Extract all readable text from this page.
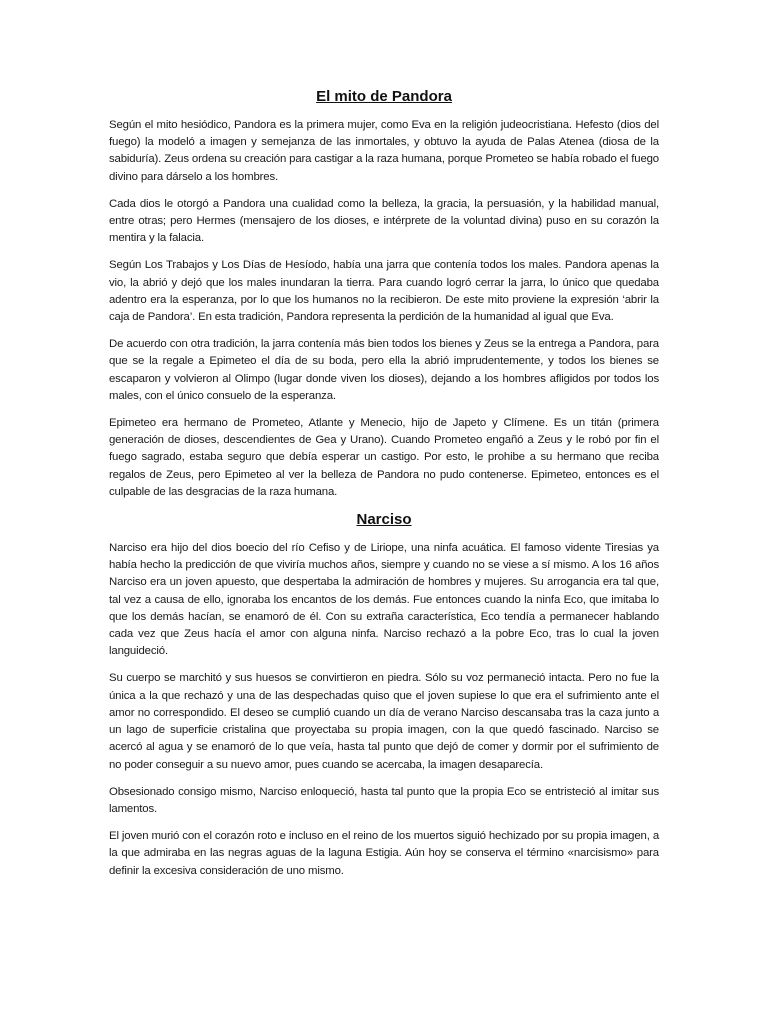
El mito de Pandora

Según el mito hesiódico, Pandora es la primera mujer, como Eva en la religión judeocristiana. Hefesto (dios del fuego) la modeló a imagen y semejanza de las inmortales, y obtuvo la ayuda de Palas Atenea (diosa de la sabiduría). Zeus ordena su creación para castigar a la raza humana, porque Prometeo se había robado el fuego divino para dárselo a los hombres.

Cada dios le otorgó a Pandora una cualidad como la belleza, la gracia, la persuasión, y la habilidad manual, entre otras; pero Hermes (mensajero de los dioses, e intérprete de la voluntad divina) puso en su corazón la mentira y la falacia.

Según Los Trabajos y Los Días de Hesíodo, había una jarra que contenía todos los males. Pandora apenas la vio, la abrió y dejó que los males inundaran la tierra. Para cuando logró cerrar la jarra, lo único que quedaba adentro era la esperanza, por lo que los humanos no la recibieron. De este mito proviene la expresión ‘abrir la caja de Pandora’. En esta tradición, Pandora representa la perdición de la humanidad al igual que Eva.

De acuerdo con otra tradición, la jarra contenía más bien todos los bienes y Zeus se la entrega a Pandora, para que se la regale a Epimeteo el día de su boda, pero ella la abrió imprudentemente, y todos los bienes se escaparon y volvieron al Olimpo (lugar donde viven los dioses), dejando a los hombres afligidos por todos los males, con el único consuelo de la esperanza.

Epimeteo era hermano de Prometeo, Atlante y Menecio, hijo de Japeto y Clímene. Es un titán (primera generación de dioses, descendientes de Gea y Urano). Cuando Prometeo engañó a Zeus y le robó por fin el fuego sagrado, estaba seguro que debía esperar un castigo. Por esto, le prohibe a su hermano que reciba regalos de Zeus, pero Epimeteo al ver la belleza de Pandora no pudo contenerse. Epimeteo, entonces es el culpable de las desgracias de la raza humana.

Narciso

Narciso era hijo del dios boecio del río Cefiso y de Liriope, una ninfa acuática. El famoso vidente Tiresias ya había hecho la predicción de que viviría muchos años, siempre y cuando no se viese a sí mismo. A los 16 años Narciso era un joven apuesto, que despertaba la admiración de hombres y mujeres. Su arrogancia era tal que, tal vez a causa de ello, ignoraba los encantos de los demás. Fue entonces cuando la ninfa Eco, que imitaba lo que los demás hacían, se enamoró de él. Con su extraña característica, Eco tendía a permanecer hablando cada vez que Zeus hacía el amor con alguna ninfa. Narciso rechazó a la pobre Eco, tras lo cual la joven languideció.

Su cuerpo se marchitó y sus huesos se convirtieron en piedra. Sólo su voz permaneció intacta. Pero no fue la única a la que rechazó y una de las despechadas quiso que el joven supiese lo que era el sufrimiento ante el amor no correspondido. El deseo se cumplió cuando un día de verano Narciso descansaba tras la caza junto a un lago de superficie cristalina que proyectaba su propia imagen, con la que quedó fascinado. Narciso se acercó al agua y se enamoró de lo que veía, hasta tal punto que dejó de comer y dormir por el sufrimiento de no poder conseguir a su nuevo amor, pues cuando se acercaba, la imagen desaparecía.

Obsesionado consigo mismo, Narciso enloqueció, hasta tal punto que la propia Eco se entristeció al imitar sus lamentos.

El joven murió con el corazón roto e incluso en el reino de los muertos siguió hechizado por su propia imagen, a la que admiraba en las negras aguas de la laguna Estigia. Aún hoy se conserva el término «narcisismo» para definir la excesiva consideración de uno mismo.
